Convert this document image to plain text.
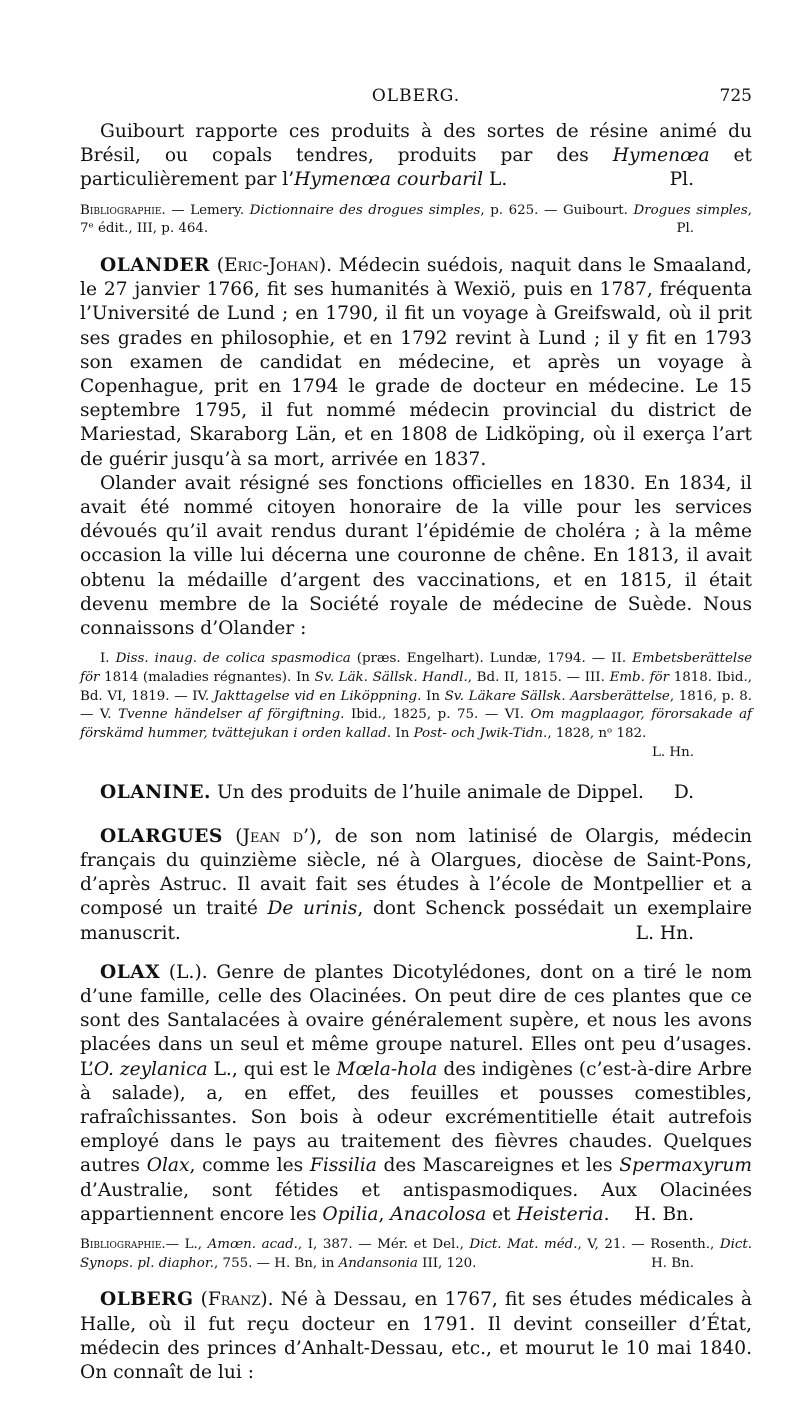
OLBERG.	725

Guibourt rapporte ces produits à des sortes de résine animé du Brésil, ou copals tendres, produits par des Hymenœa et particulièrement par l’Hymenœa courbaril L.	Pl.

Bibliographie. — Lemery. Dictionnaire des drogues simples, p. 625. — Guibourt. Drogues simples, 7ᵉ édit., III, p. 464.	Pl.

OLANDER (Eric-Johan). Médecin suédois, naquit dans le Smaaland, le 27 janvier 1766, fit ses humanités à Wexiö, puis en 1787, fréquenta l’Université de Lund ; en 1790, il fit un voyage à Greifswald, où il prit ses grades en philosophie, et en 1792 revint à Lund ; il y fit en 1793 son examen de candidat en médecine, et après un voyage à Copenhague, prit en 1794 le grade de docteur en médecine. Le 15 septembre 1795, il fut nommé médecin provincial du district de Mariestad, Skaraborg Län, et en 1808 de Lidköping, où il exerça l’art de guérir jusqu’à sa mort, arrivée en 1837.

Olander avait résigné ses fonctions officielles en 1830. En 1834, il avait été nommé citoyen honoraire de la ville pour les services dévoués qu’il avait rendus durant l’épidémie de choléra ; à la même occasion la ville lui décerna une couronne de chêne. En 1813, il avait obtenu la médaille d’argent des vaccinations, et en 1815, il était devenu membre de la Société royale de médecine de Suède. Nous connaissons d’Olander :

I. Diss. inaug. de colica spasmodica (præs. Engelhart). Lundæ, 1794. — II. Embetsberättelse för 1814 (maladies régnantes). In Sv. Läk. Sällsk. Handl., Bd. II, 1815. — III. Emb. för 1818. Ibid., Bd. VI, 1819. — IV. Jakttagelse vid en Liköppning. In Sv. Läkare Sällsk. Aarsberättelse, 1816, p. 8. — V. Tvenne händelser af förgiftning. Ibid., 1825, p. 75. — VI. Om magplaagor, förorsakade af förskämd hummer, tvättejukan i orden kallad. In Post- och Jwik-Tidn., 1828, nᵒ 182.
L. Hn.

OLANINE. Un des produits de l’huile animale de Dippel.	D.

OLARGUES (Jean d’), de son nom latinisé de Olargis, médecin français du quinzième siècle, né à Olargues, diocèse de Saint-Pons, d’après Astruc. Il avait fait ses études à l’école de Montpellier et a composé un traité De urinis, dont Schenck possédait un exemplaire manuscrit.	L. Hn.

OLAX (L.). Genre de plantes Dicotylédones, dont on a tiré le nom d’une famille, celle des Olacinées. On peut dire de ces plantes que ce sont des Santalacées à ovaire généralement supère, et nous les avons placées dans un seul et même groupe naturel. Elles ont peu d’usages. L’O. zeylanica L., qui est le Mœla-hola des indigènes (c’est-à-dire Arbre à salade), a, en effet, des feuilles et pousses comestibles, rafraîchissantes. Son bois à odeur excrémentitielle était autrefois employé dans le pays au traitement des fièvres chaudes. Quelques autres Olax, comme les Fissilia des Mascareignes et les Spermaxyrum d’Australie, sont fétides et antispasmodiques. Aux Olacinées appartiennent encore les Opilia, Anacolosa et Heisteria.	H. Bn.

Bibliographie.— L., Amœn. acad., I, 387. — Mér. et Del., Dict. Mat. méd., V, 21. — Rosenth., Dict. Synops. pl. diaphor., 755. — H. Bn, in Andansonia III, 120.	H. Bn.

OLBERG (Franz). Né à Dessau, en 1767, fit ses études médicales à Halle, où il fut reçu docteur en 1791. Il devint conseiller d’État, médecin des princes d’Anhalt-Dessau, etc., et mourut le 10 mai 1840. On connaît de lui :
